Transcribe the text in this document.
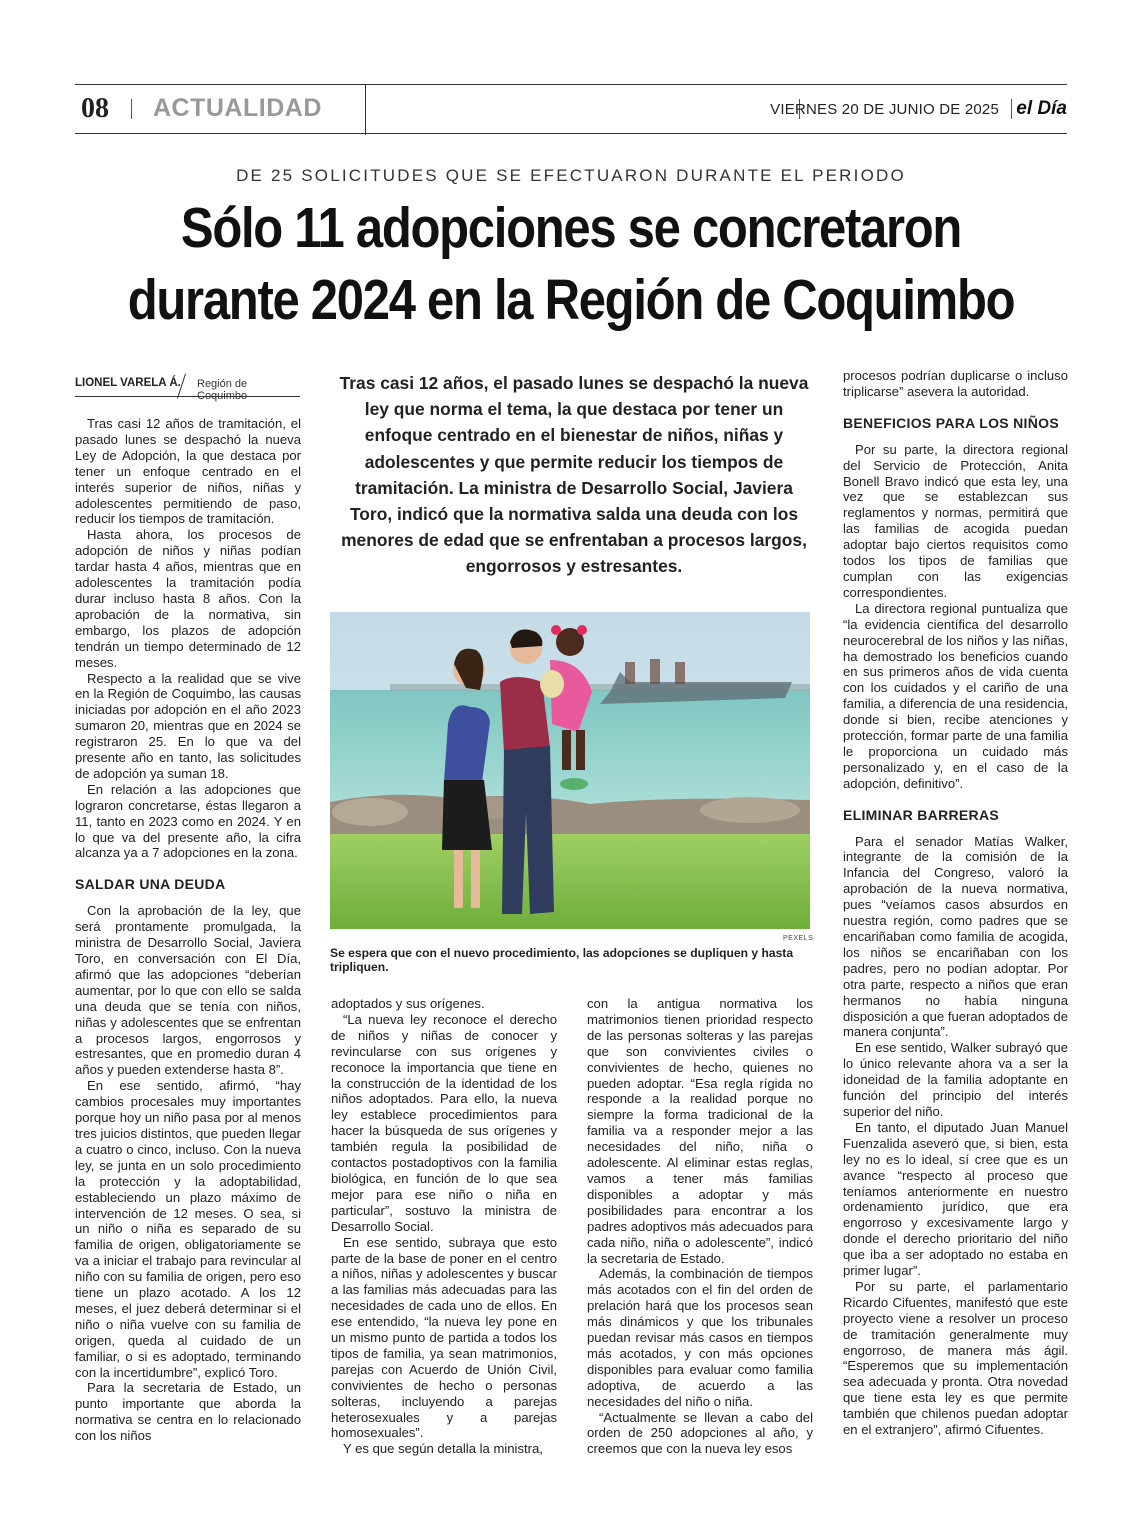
08 ACTUALIDAD	VIERNES 20 DE JUNIO DE 2025 el Día
DE 25 SOLICITUDES QUE SE EFECTUARON DURANTE EL PERIODO
Sólo 11 adopciones se concretaron
durante 2024 en la Región de Coquimbo
LIONEL VARELA Á. Región de Coquimbo

Tras casi 12 años de tramitación, el pasado lunes se despachó la nueva Ley de Adopción, la que destaca por tener un enfoque centrado en el interés superior de niños, niñas y adolescentes permitiendo de paso, reducir los tiempos de tramitación.

Hasta ahora, los procesos de adopción de niños y niñas podían tardar hasta 4 años, mientras que en adolescentes la tramitación podía durar incluso hasta 8 años. Con la aprobación de la normativa, sin embargo, los plazos de adopción tendrán un tiempo determinado de 12 meses.

Respecto a la realidad que se vive en la Región de Coquimbo, las causas iniciadas por adopción en el año 2023 sumaron 20, mientras que en 2024 se registraron 25. En lo que va del presente año en tanto, las solicitudes de adopción ya suman 18.

En relación a las adopciones que lograron concretarse, éstas llegaron a 11, tanto en 2023 como en 2024. Y en lo que va del presente año, la cifra alcanza ya a 7 adopciones en la zona.

SALDAR UNA DEUDA

Con la aprobación de la ley, que será prontamente promulgada, la ministra de Desarrollo Social, Javiera Toro, en conversación con El Día, afirmó que las adopciones “deberían aumentar, por lo que con ello se salda una deuda que se tenía con niños, niñas y adolescentes que se enfrentan a procesos largos, engorrosos y estresantes, que en promedio duran 4 años y pueden extenderse hasta 8”.

En ese sentido, afirmó, “hay cambios procesales muy importantes porque hoy un niño pasa por al menos tres juicios distintos, que pueden llegar a cuatro o cinco, incluso. Con la nueva ley, se junta en un solo procedimiento la protección y la adoptabilidad, estableciendo un plazo máximo de intervención de 12 meses. O sea, si un niño o niña es separado de su familia de origen, obligatoriamente se va a iniciar el trabajo para revincular al niño con su familia de origen, pero eso tiene un plazo acotado. A los 12 meses, el juez deberá determinar si el niño o niña vuelve con su familia de origen, queda al cuidado de un familiar, o si es adoptado, terminando con la incertidumbre”, explicó Toro.

Para la secretaria de Estado, un punto importante que aborda la normativa se centra en lo relacionado con los niños

Tras casi 12 años, el pasado lunes se despachó la nueva ley que norma el tema, la que destaca por tener un enfoque centrado en el bienestar de niños, niñas y adolescentes y que permite reducir los tiempos de tramitación. La ministra de Desarrollo Social, Javiera Toro, indicó que la normativa salda una deuda con los menores de edad que se enfrentaban a procesos largos, engorrosos y estresantes.
PEXELS
Se espera que con el nuevo procedimiento, las adopciones se dupliquen y hasta tripliquen.

adoptados y sus orígenes.

“La nueva ley reconoce el derecho de niños y niñas de conocer y revincularse con sus orígenes y reconoce la importancia que tiene en la construcción de la identidad de los niños adoptados. Para ello, la nueva ley establece procedimientos para hacer la búsqueda de sus orígenes y también regula la posibilidad de contactos postadoptivos con la familia biológica, en función de lo que sea mejor para ese niño o niña en particular”, sostuvo la ministra de Desarrollo Social.

En ese sentido, subraya que esto parte de la base de poner en el centro a niños, niñas y adolescentes y buscar a las familias más adecuadas para las necesidades de cada uno de ellos. En ese entendido, “la nueva ley pone en un mismo punto de partida a todos los tipos de familia, ya sean matrimonios, parejas con Acuerdo de Unión Civil, convivientes de hecho o personas solteras, incluyendo a parejas heterosexuales y a parejas homosexuales”.

Y es que según detalla la ministra,

con la antigua normativa los matrimonios tienen prioridad respecto de las personas solteras y las parejas que son convivientes civiles o convivientes de hecho, quienes no pueden adoptar. “Esa regla rígida no responde a la realidad porque no siempre la forma tradicional de la familia va a responder mejor a las necesidades del niño, niña o adolescente. Al eliminar estas reglas, vamos a tener más familias disponibles a adoptar y más posibilidades para encontrar a los padres adoptivos más adecuados para cada niño, niña o adolescente”, indicó la secretaria de Estado.

Además, la combinación de tiempos más acotados con el fin del orden de prelación hará que los procesos sean más dinámicos y que los tribunales puedan revisar más casos en tiempos más acotados, y con más opciones disponibles para evaluar como familia adoptiva, de acuerdo a las necesidades del niño o niña.

“Actualmente se llevan a cabo del orden de 250 adopciones al año, y creemos que con la nueva ley esos

procesos podrían duplicarse o incluso triplicarse” asevera la autoridad.

BENEFICIOS PARA LOS NIÑOS

Por su parte, la directora regional del Servicio de Protección, Anita Bonell Bravo indicó que esta ley, una vez que se establezcan sus reglamentos y normas, permitirá que las familias de acogida puedan adoptar bajo ciertos requisitos como todos los tipos de familias que cumplan con las exigencias correspondientes.

La directora regional puntualiza que “la evidencia científica del desarrollo neurocerebral de los niños y las niñas, ha demostrado los beneficios cuando en sus primeros años de vida cuenta con los cuidados y el cariño de una familia, a diferencia de una residencia, donde si bien, recibe atenciones y protección, formar parte de una familia le proporciona un cuidado más personalizado y, en el caso de la adopción, definitivo”.

ELIMINAR BARRERAS

Para el senador Matías Walker, integrante de la comisión de la Infancia del Congreso, valoró la aprobación de la nueva normativa, pues “veíamos casos absurdos en nuestra región, como padres que se encariñaban como familia de acogida, los niños se encariñaban con los padres, pero no podían adoptar. Por otra parte, respecto a niños que eran hermanos no había ninguna disposición a que fueran adoptados de manera conjunta”.

En ese sentido, Walker subrayó que lo único relevante ahora va a ser la idoneidad de la familia adoptante en función del principio del interés superior del niño.

En tanto, el diputado Juan Manuel Fuenzalida aseveró que, si bien, esta ley no es lo ideal, sí cree que es un avance “respecto al proceso que teníamos anteriormente en nuestro ordenamiento jurídico, que era engorroso y excesivamente largo y donde el derecho prioritario del niño que iba a ser adoptado no estaba en primer lugar”.

Por su parte, el parlamentario Ricardo Cifuentes, manifestó que este proyecto viene a resolver un proceso de tramitación generalmente muy engorroso, de manera más ágil. “Esperemos que su implementación sea adecuada y pronta. Otra novedad que tiene esta ley es que permite también que chilenos puedan adoptar en el extranjero”, afirmó Cifuentes.
